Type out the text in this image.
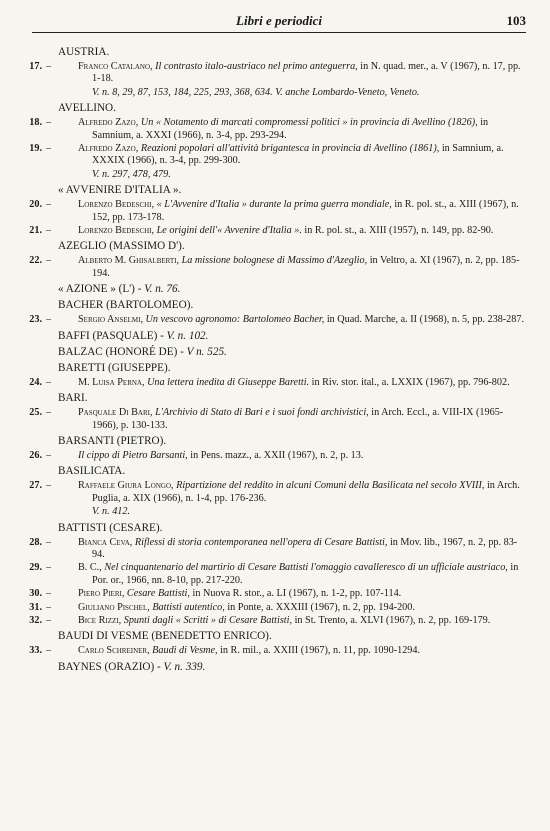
Libri e periodici	103
AUSTRIA.
17. –	Franco Catalano, Il contrasto italo-austriaco nel primo anteguerra, in N. quad. mer., a. V (1967), n. 17, pp. 1-18.
V. n. 8, 29, 87, 153, 184, 225, 293, 368, 634. V. anche Lombardo-Veneto, Veneto.
AVELLINO.
18. –	Alfredo Zazo, Un « Notamento di marcati compromessi politici » in provincia di Avellino (1826), in Samnium, a. XXXI (1966), n. 3-4, pp. 293-294.
19. –	Alfredo Zazo, Reazioni popolari all'attività brigantesca in provincia di Avellino (1861), in Samnium, a. XXXIX (1966), n. 3-4, pp. 299-300.
V. n. 297, 478, 479.
« AVVENIRE D'ITALIA ».
20. –	Lorenzo Bedeschi, « L'Avvenire d'Italia » durante la prima guerra mondiale, in R. pol. st., a. XIII (1967), n. 152, pp. 173-178.
21. –	Lorenzo Bedeschi, Le origini dell'« Avvenire d'Italia ». in R. pol. st., a. XIII (1957), n. 149, pp. 82-90.
AZEGLIO (MASSIMO D').
22. –	Alberto M. Ghisalberti, La missione bolognese di Massimo d'Azeglio, in Veltro, a. XI (1967), n. 2, pp. 185-194.
« AZIONE » (L') - V. n. 76.
BACHER (BARTOLOMEO).
23. –	Sergio Anselmi, Un vescovo agronomo: Bartolomeo Bacher, in Quad. Marche, a. II (1968), n. 5, pp. 238-287.
BAFFI (PASQUALE) - V. n. 102.
BALZAC (HONORÉ DE) - V n. 525.
BARETTI (GIUSEPPE).
24. –	M. Luisa Perna, Una lettera inedita di Giuseppe Baretti. in Riv. stor. ital., a. LXXIX (1967), pp. 796-802.
BARI.
25. –	Pasquale Di Bari, L'Archivio di Stato di Bari e i suoi fondi archivistici, in Arch. Eccl., a. VIII-IX (1965-1966), p. 130-133.
BARSANTI (PIETRO).
26. –	Il cippo di Pietro Barsanti, in Pens. mazz., a. XXII (1967), n. 2, p. 13.
BASILICATA.
27. –	Raffaele Giura Longo, Ripartizione del reddito in alcuni Comuni della Basilicata nel secolo XVIII, in Arch. Puglia, a. XIX (1966), n. 1-4, pp. 176-236.
V. n. 412.
BATTISTI (CESARE).
28. –	Bianca Ceva, Riflessi di storia contemporanea nell'opera di Cesare Battisti, in Mov. lib., 1967, n. 2, pp. 83-94.
29. –	B. C., Nel cinquantenario del martirio di Cesare Battisti l'omaggio cavalleresco di un ufficiale austriaco, in Por. or., 1966, nn. 8-10, pp. 217-220.
30. –	Piero Pieri, Cesare Battisti, in Nuova R. stor., a. LI (1967), n. 1-2, pp. 107-114.
31. –	Giuliano Pischel, Battisti autentico, in Ponte, a. XXXIII (1967), n. 2, pp. 194-200.
32. –	Bice Rizzi, Spunti dagli « Scritti » di Cesare Battisti, in St. Trento, a. XLVI (1967), n. 2, pp. 169-179.
BAUDI DI VESME (BENEDETTO ENRICO).
33. –	Carlo Schreiner, Baudi di Vesme, in R. mil., a. XXIII (1967), n. 11, pp. 1090-1294.
BAYNES (ORAZIO) - V. n. 339.
